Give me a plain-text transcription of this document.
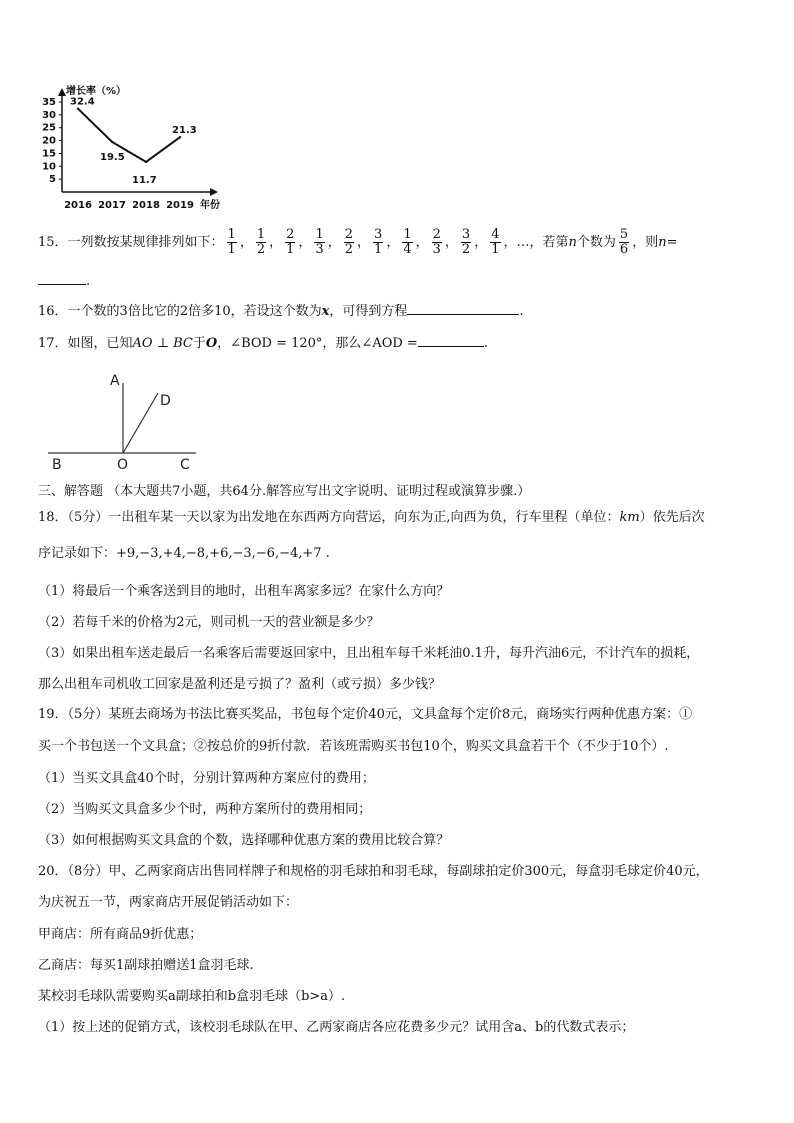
增长率（%）
5
10
15
20
25
30
35 32.4
2016
19.5
2017
11.7
2018
21.3
2019 年份
15．一列数按某规律排列如下： $\frac{1}{1}$ ， $\frac{1}{2}$ ， $\frac{2}{1}$ ， $\frac{1}{3}$ ， $\frac{2}{2}$ ， $\frac{3}{1}$ ， $\frac{1}{4}$ ， $\frac{2}{3}$ ， $\frac{3}{2}$ ， $\frac{4}{1}$ ，…，若第n个数为 $\frac{5}{6}$ ，则n=
.
16．一个数的3倍比它的2倍多10，若设这个数为x，可得到方程	.
17．如图，已知AO ⊥ BC于O，∠BOD = 120°，那么∠AOD =	.
A
D
B	O	C
三、解答题 （本大题共7小题，共64分.解答应写出文字说明、证明过程或演算步骤.）
18．（5分）一出租车某一天以家为出发地在东西两方向营运，向东为正,向西为负，行车里程（单位：km）依先后次
序记录如下：+9,−3,+4,−8,+6,−3,−6,−4,+7 .
（1）将最后一个乘客送到目的地时，出租车离家多远？在家什么方向？
（2）若每千米的价格为2元，则司机一天的营业额是多少？
（3）如果出租车送走最后一名乘客后需要返回家中，且出租车每千米耗油0.1升，每升汽油6元，不计汽车的损耗，
那么出租车司机收工回家是盈利还是亏损了？盈利（或亏损）多少钱？
19．（5分）某班去商场为书法比赛买奖品，书包每个定价40元，文具盒每个定价8元，商场实行两种优惠方案：①
买一个书包送一个文具盒；②按总价的9折付款．若该班需购买书包10个，购买文具盒若干个（不少于10个）.
（1）当买文具盒40个时，分别计算两种方案应付的费用；
（2）当购买文具盒多少个时，两种方案所付的费用相同；
（3）如何根据购买文具盒的个数，选择哪种优惠方案的费用比较合算？
20．（8分）甲、乙两家商店出售同样牌子和规格的羽毛球拍和羽毛球，每副球拍定价300元，每盒羽毛球定价40元，
为庆祝五一节，两家商店开展促销活动如下：
甲商店：所有商品9折优惠；
乙商店：每买1副球拍赠送1盒羽毛球.
某校羽毛球队需要购买a副球拍和b盒羽毛球（b>a）.
（1）按上述的促销方式，该校羽毛球队在甲、乙两家商店各应花费多少元？试用含a、b的代数式表示；
